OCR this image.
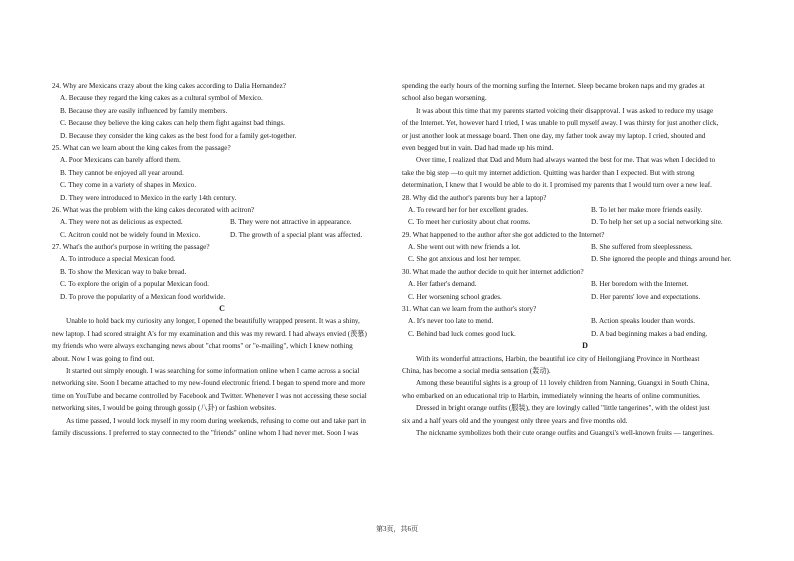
24. Why are Mexicans crazy about the king cakes according to Dalia Hernandez?
A. Because they regard the king cakes as a cultural symbol of Mexico.
B. Because they are easily influenced by family members.
C. Because they believe the king cakes can help them fight against bad things.
D. Because they consider the king cakes as the best food for a family get-together.
25. What can we learn about the king cakes from the passage?
A. Poor Mexicans can barely afford them.
B. They cannot be enjoyed all year around.
C. They come in a variety of shapes in Mexico.
D. They were introduced to Mexico in the early 14th century.
26. What was the problem with the king cakes decorated with acitron?
A. They were not as delicious as expected.	B. They were not attractive in appearance.
C. Acitron could not be widely found in Mexico.	D. The growth of a special plant was affected.
27. What's the author's purpose in writing the passage?
A. To introduce a special Mexican food.
B. To show the Mexican way to bake bread.
C. To explore the origin of a popular Mexican food.
D. To prove the popularity of a Mexican food worldwide.
C
Unable to hold back my curiosity any longer, I opened the beautifully wrapped present. It was a shiny,
new laptop. I had scored straight A's for my examination and this was my reward. I had always envied (羡慕)
my friends who were always exchanging news about "chat rooms" or "e-mailing", which I knew nothing
about. Now I was going to find out.
It started out simply enough. I was searching for some information online when I came across a social
networking site. Soon I became attached to my new-found electronic friend. I began to spend more and more
time on YouTube and became controlled by Facebook and Twitter. Whenever I was not accessing these social
networking sites, I would be going through gossip (八卦) or fashion websites.
As time passed, I would lock myself in my room during weekends, refusing to come out and take part in
family discussions. I preferred to stay connected to the "friends" online whom I had never met. Soon I was
spending the early hours of the morning surfing the Internet. Sleep became broken naps and my grades at
school also began worsening.
It was about this time that my parents started voicing their disapproval. I was asked to reduce my usage
of the Internet. Yet, however hard I tried, I was unable to pull myself away. I was thirsty for just another click,
or just another look at message board. Then one day, my father took away my laptop. I cried, shouted and
even begged but in vain. Dad had made up his mind.
Over time, I realized that Dad and Mum had always wanted the best for me. That was when I decided to
take the big step —to quit my internet addiction. Quitting was harder than I expected. But with strong
determination, I knew that I would be able to do it. I promised my parents that I would turn over a new leaf.
28. Why did the author's parents buy her a laptop?
A. To reward her for her excellent grades.	B. To let her make more friends easily.
C. To meet her curiosity about chat rooms.	D. To help her set up a social networking site.
29. What happened to the author after she got addicted to the Internet?
A. She went out with new friends a lot.	B. She suffered from sleeplessness.
C. She got anxious and lost her temper.	D. She ignored the people and things around her.
30. What made the author decide to quit her internet addiction?
A. Her father's demand.	B. Her boredom with the Internet.
C. Her worsening school grades.	D. Her parents' love and expectations.
31. What can we learn from the author's story?
A. It's never too late to mend.	B. Action speaks louder than words.
C. Behind bad luck comes good luck.	D. A bad beginning makes a bad ending.
D
With its wonderful attractions, Harbin, the beautiful ice city of Heilongjiang Province in Northeast
China, has become a social media sensation (轰动).
Among these beautiful sights is a group of 11 lovely children from Nanning, Guangxi in South China,
who embarked on an educational trip to Harbin, immediately winning the hearts of online communities.
Dressed in bright orange outfits (服装), they are lovingly called "little tangerines", with the oldest just
six and a half years old and the youngest only three years and five months old.
The nickname symbolizes both their cute orange outfits and Guangxi's well-known fruits — tangerines.
第3页，共6页
